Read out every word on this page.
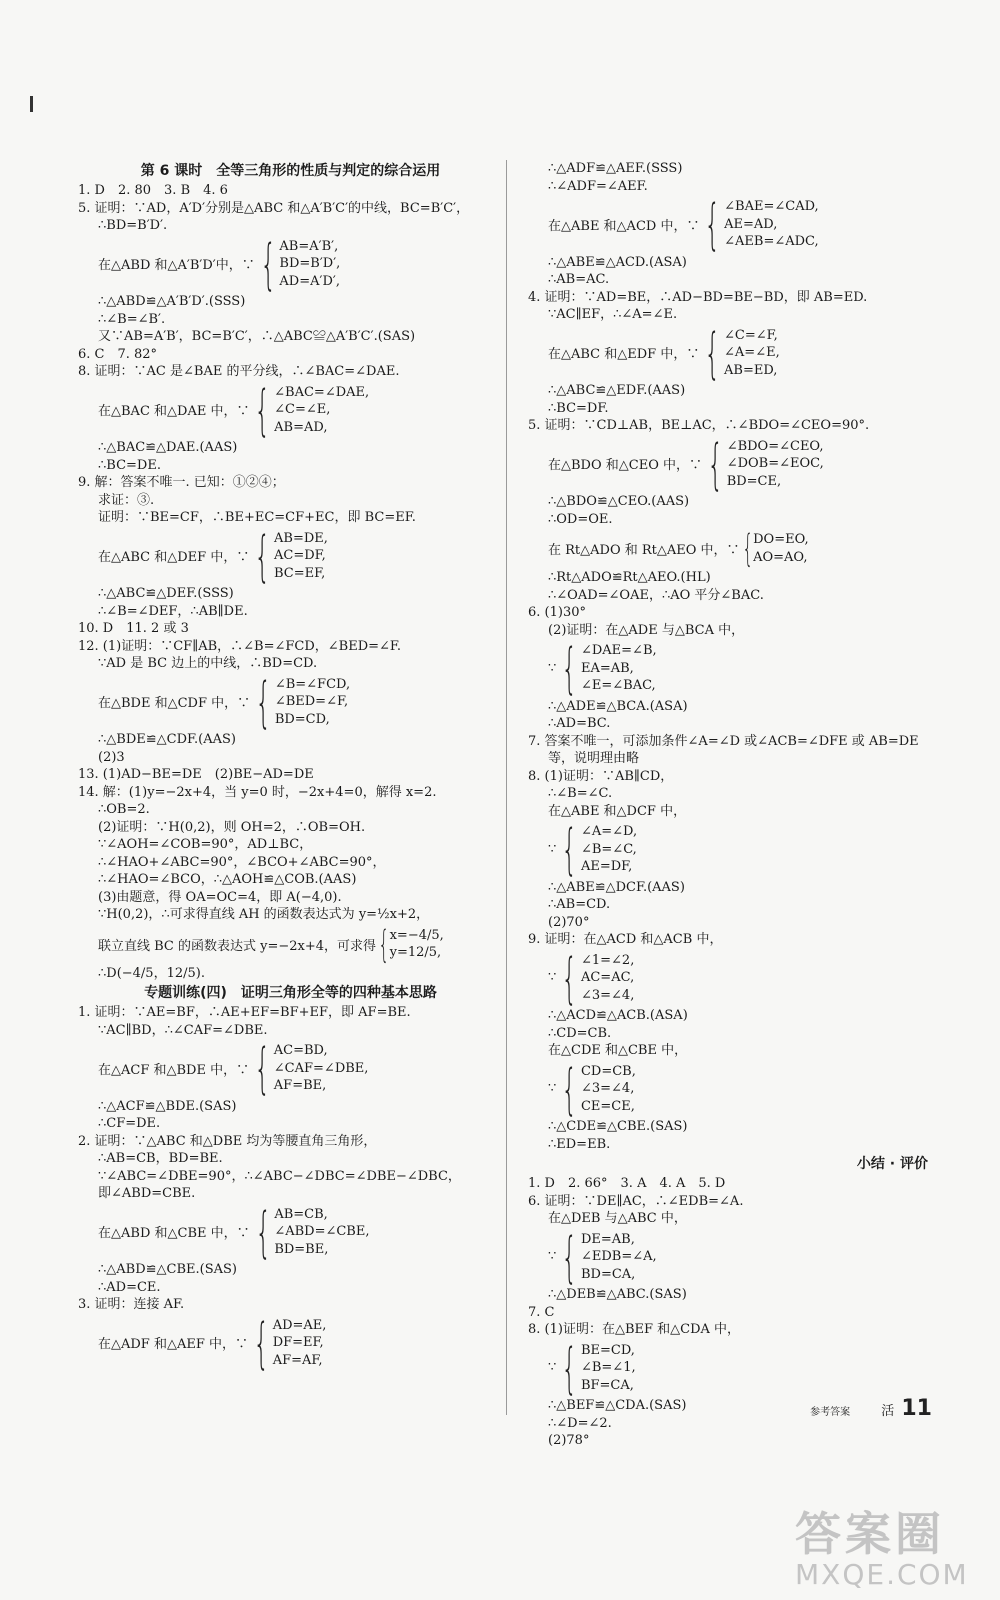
第 6 课时　全等三角形的性质与判定的综合运用
1. D　2. 80　3. B　4. 6
5. 证明：∵AD，A′D′分别是△ABC 和△A′B′C′的中线，BC=B′C′，
∴BD=B′D′.
在△ABD 和△A′B′D′中，∵ { AB=A′B′,
BD=B′D′,
AD=A′D′,
∴△ABD≌△A′B′D′.(SSS)
∴∠B=∠B′.
又∵AB=A′B′，BC=B′C′，∴△ABC≌△A′B′C′.(SAS)
6. C　7. 82°
8. 证明：∵AC 是∠BAE 的平分线，∴∠BAC=∠DAE.
在△BAC 和△DAE 中，∵ { ∠BAC=∠DAE,
∠C=∠E,
AB=AD,
∴△BAC≌△DAE.(AAS)
∴BC=DE.
9. 解：答案不唯一. 已知：①②④；
求证：③.
证明：∵BE=CF，∴BE+EC=CF+EC，即 BC=EF.
在△ABC 和△DEF 中，∵ { AB=DE,
AC=DF,
BC=EF,
∴△ABC≌△DEF.(SSS)
∴∠B=∠DEF，∴AB∥DE.
10. D　11. 2 或 3
12. (1)证明：∵CF∥AB，∴∠B=∠FCD，∠BED=∠F.
∵AD 是 BC 边上的中线，∴BD=CD.
在△BDE 和△CDF 中，∵ { ∠B=∠FCD,
∠BED=∠F,
BD=CD,
∴△BDE≌△CDF.(AAS)
(2)3
13. (1)AD−BE=DE　(2)BE−AD=DE
14. 解：(1)y=−2x+4，当 y=0 时，−2x+4=0，解得 x=2.
∴OB=2.
(2)证明：∵H(0,2)，则 OH=2，∴OB=OH.
∵∠AOH=∠COB=90°，AD⊥BC，
∴∠HAO+∠ABC=90°，∠BCO+∠ABC=90°，
∴∠HAO=∠BCO，∴△AOH≌△COB.(AAS)
(3)由题意，得 OA=OC=4，即 A(−4,0).
∵H(0,2)，∴可求得直线 AH 的函数表达式为 y=½x+2，
联立直线 BC 的函数表达式 y=−2x+4，可求得 { x=−4/5,
y=12/5,
∴D(−4/5，12/5).
专题训练(四)　证明三角形全等的四种基本思路
1. 证明：∵AE=BF，∴AE+EF=BF+EF，即 AF=BE.
∵AC∥BD，∴∠CAF=∠DBE.
在△ACF 和△BDE 中，∵ { AC=BD,
∠CAF=∠DBE,
AF=BE,
∴△ACF≌△BDE.(SAS)
∴CF=DE.
2. 证明：∵△ABC 和△DBE 均为等腰直角三角形，
∴AB=CB，BD=BE.
∵∠ABC=∠DBE=90°，∴∠ABC−∠DBC=∠DBE−∠DBC，
即∠ABD=CBE.
在△ABD 和△CBE 中，∵ { AB=CB,
∠ABD=∠CBE,
BD=BE,
∴△ABD≌△CBE.(SAS)
∴AD=CE.
3. 证明：连接 AF.
在△ADF 和△AEF 中，∵ { AD=AE,
DF=EF,
AF=AF,
∴△ADF≌△AEF.(SSS)
∴∠ADF=∠AEF.
在△ABE 和△ACD 中，∵ { ∠BAE=∠CAD,
AE=AD,
∠AEB=∠ADC,
∴△ABE≌△ACD.(ASA)
∴AB=AC.
4. 证明：∵AD=BE，∴AD−BD=BE−BD，即 AB=ED.
∵AC∥EF，∴∠A=∠E.
在△ABC 和△EDF 中，∵ { ∠C=∠F,
∠A=∠E,
AB=ED,
∴△ABC≌△EDF.(AAS)
∴BC=DF.
5. 证明：∵CD⊥AB，BE⊥AC，∴∠BDO=∠CEO=90°.
在△BDO 和△CEO 中，∵ { ∠BDO=∠CEO,
∠DOB=∠EOC,
BD=CE,
∴△BDO≌△CEO.(AAS)
∴OD=OE.
在 Rt△ADO 和 Rt△AEO 中，∵ { DO=EO,
AO=AO,
∴Rt△ADO≌Rt△AEO.(HL)
∴∠OAD=∠OAE，∴AO 平分∠BAC.
6. (1)30°
(2)证明：在△ADE 与△BCA 中，
∵ { ∠DAE=∠B,
EA=AB,
∠E=∠BAC,
∴△ADE≌△BCA.(ASA)
∴AD=BC.
7. 答案不唯一，可添加条件∠A=∠D 或∠ACB=∠DFE 或 AB=DE
等，说明理由略
8. (1)证明：∵AB∥CD，
∴∠B=∠C.
在△ABE 和△DCF 中，
∵ { ∠A=∠D,
∠B=∠C,
AE=DF,
∴△ABE≌△DCF.(AAS)
∴AB=CD.
(2)70°
9. 证明：在△ACD 和△ACB 中，
∵ { ∠1=∠2,
AC=AC,
∠3=∠4,
∴△ACD≌△ACB.(ASA)
∴CD=CB.
在△CDE 和△CBE 中，
∵ { CD=CB,
∠3=∠4,
CE=CE,
∴△CDE≌△CBE.(SAS)
∴ED=EB.
小结 · 评价
1. D　2. 66°　3. A　4. A　5. D
6. 证明：∵DE∥AC，∴∠EDB=∠A.
在△DEB 与△ABC 中，
∵ { DE=AB,
∠EDB=∠A,
BD=CA,
∴△DEB≌△ABC.(SAS)
7. C
8. (1)证明：在△BEF 和△CDA 中，
∵ { BE=CD,
∠B=∠1,
BF=CA,
∴△BEF≌△CDA.(SAS)
∴∠D=∠2.
(2)78°
参考答案 活 11
答案圈
MXQE.COM
